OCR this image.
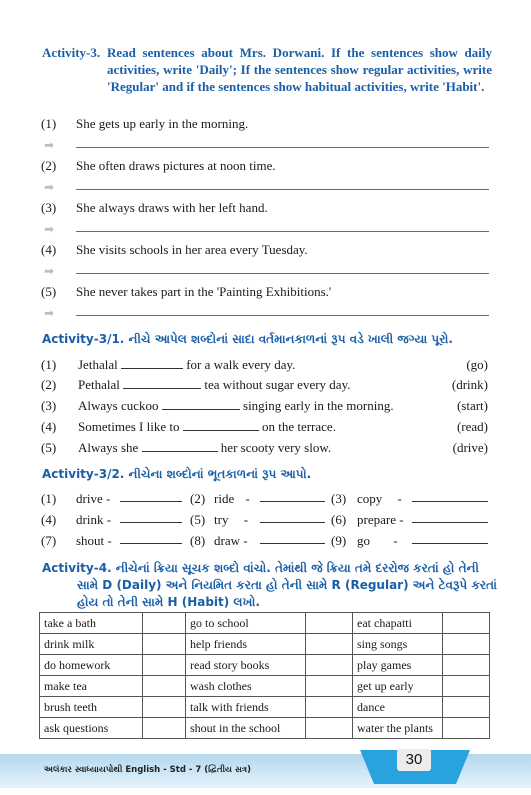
Activity-3. Read sentences about Mrs. Dorwani. If the sentences show daily activities, write 'Daily'; If the sentences show regular activities, write 'Regular' and if the sentences show habitual activities, write 'Habit'.
(1) She gets up early in the morning.
➡
(2) She often draws pictures at noon time.
➡
(3) She always draws with her left hand.
➡
(4) She visits schools in her area every Tuesday.
➡
(5) She never takes part in the 'Painting Exhibitions.'
➡
Activity-3/1. નીચે આપેલ શબ્દોનાં સાદા વર્તમાનકાળનાં રૂપ વડે ખાલી જગ્યા પૂરો.
(1) Jethalal	for a walk every day.	(go)
(2) Pethalal	tea without sugar every day.	(drink)
(3) Always cuckoo	singing early in the morning.	(start)
(4) Sometimes I like to	on the terrace.	(read)
(5) Always she	her scooty very slow.	(drive)
Activity-3/2. નીચેના શબ્દોનાં ભૂતકાળનાં રૂપ આપો.
(1) drive -	(2) ride -	(3) copy -
(4) drink -	(5) try -	(6) prepare -
(7) shout -	(8) draw -	(9) go -
Activity-4. નીચેનાં ક્રિયા સૂચક શબ્દો વાંચો. તેમાંથી જે ક્રિયા તમે દરરોજ કરતાં હો તેની
સામે D (Daily) અને નિયમિત કરતા હો તેની સામે R (Regular) અને ટેવરૂપે કરતાં
હોય તો તેની સામે H (Habit) લખો.
take a bath		go to school		eat chapatti	
drink milk		help friends		sing songs	
do homework		read story books		play games	
make tea		wash clothes		get up early	
brush teeth		talk with friends		dance	
ask questions		shout in the school		water the plants	
અલંકાર સ્વાધ્યાયપોથી English - Std - 7 (દ્વિતીય સત્ર)
30
